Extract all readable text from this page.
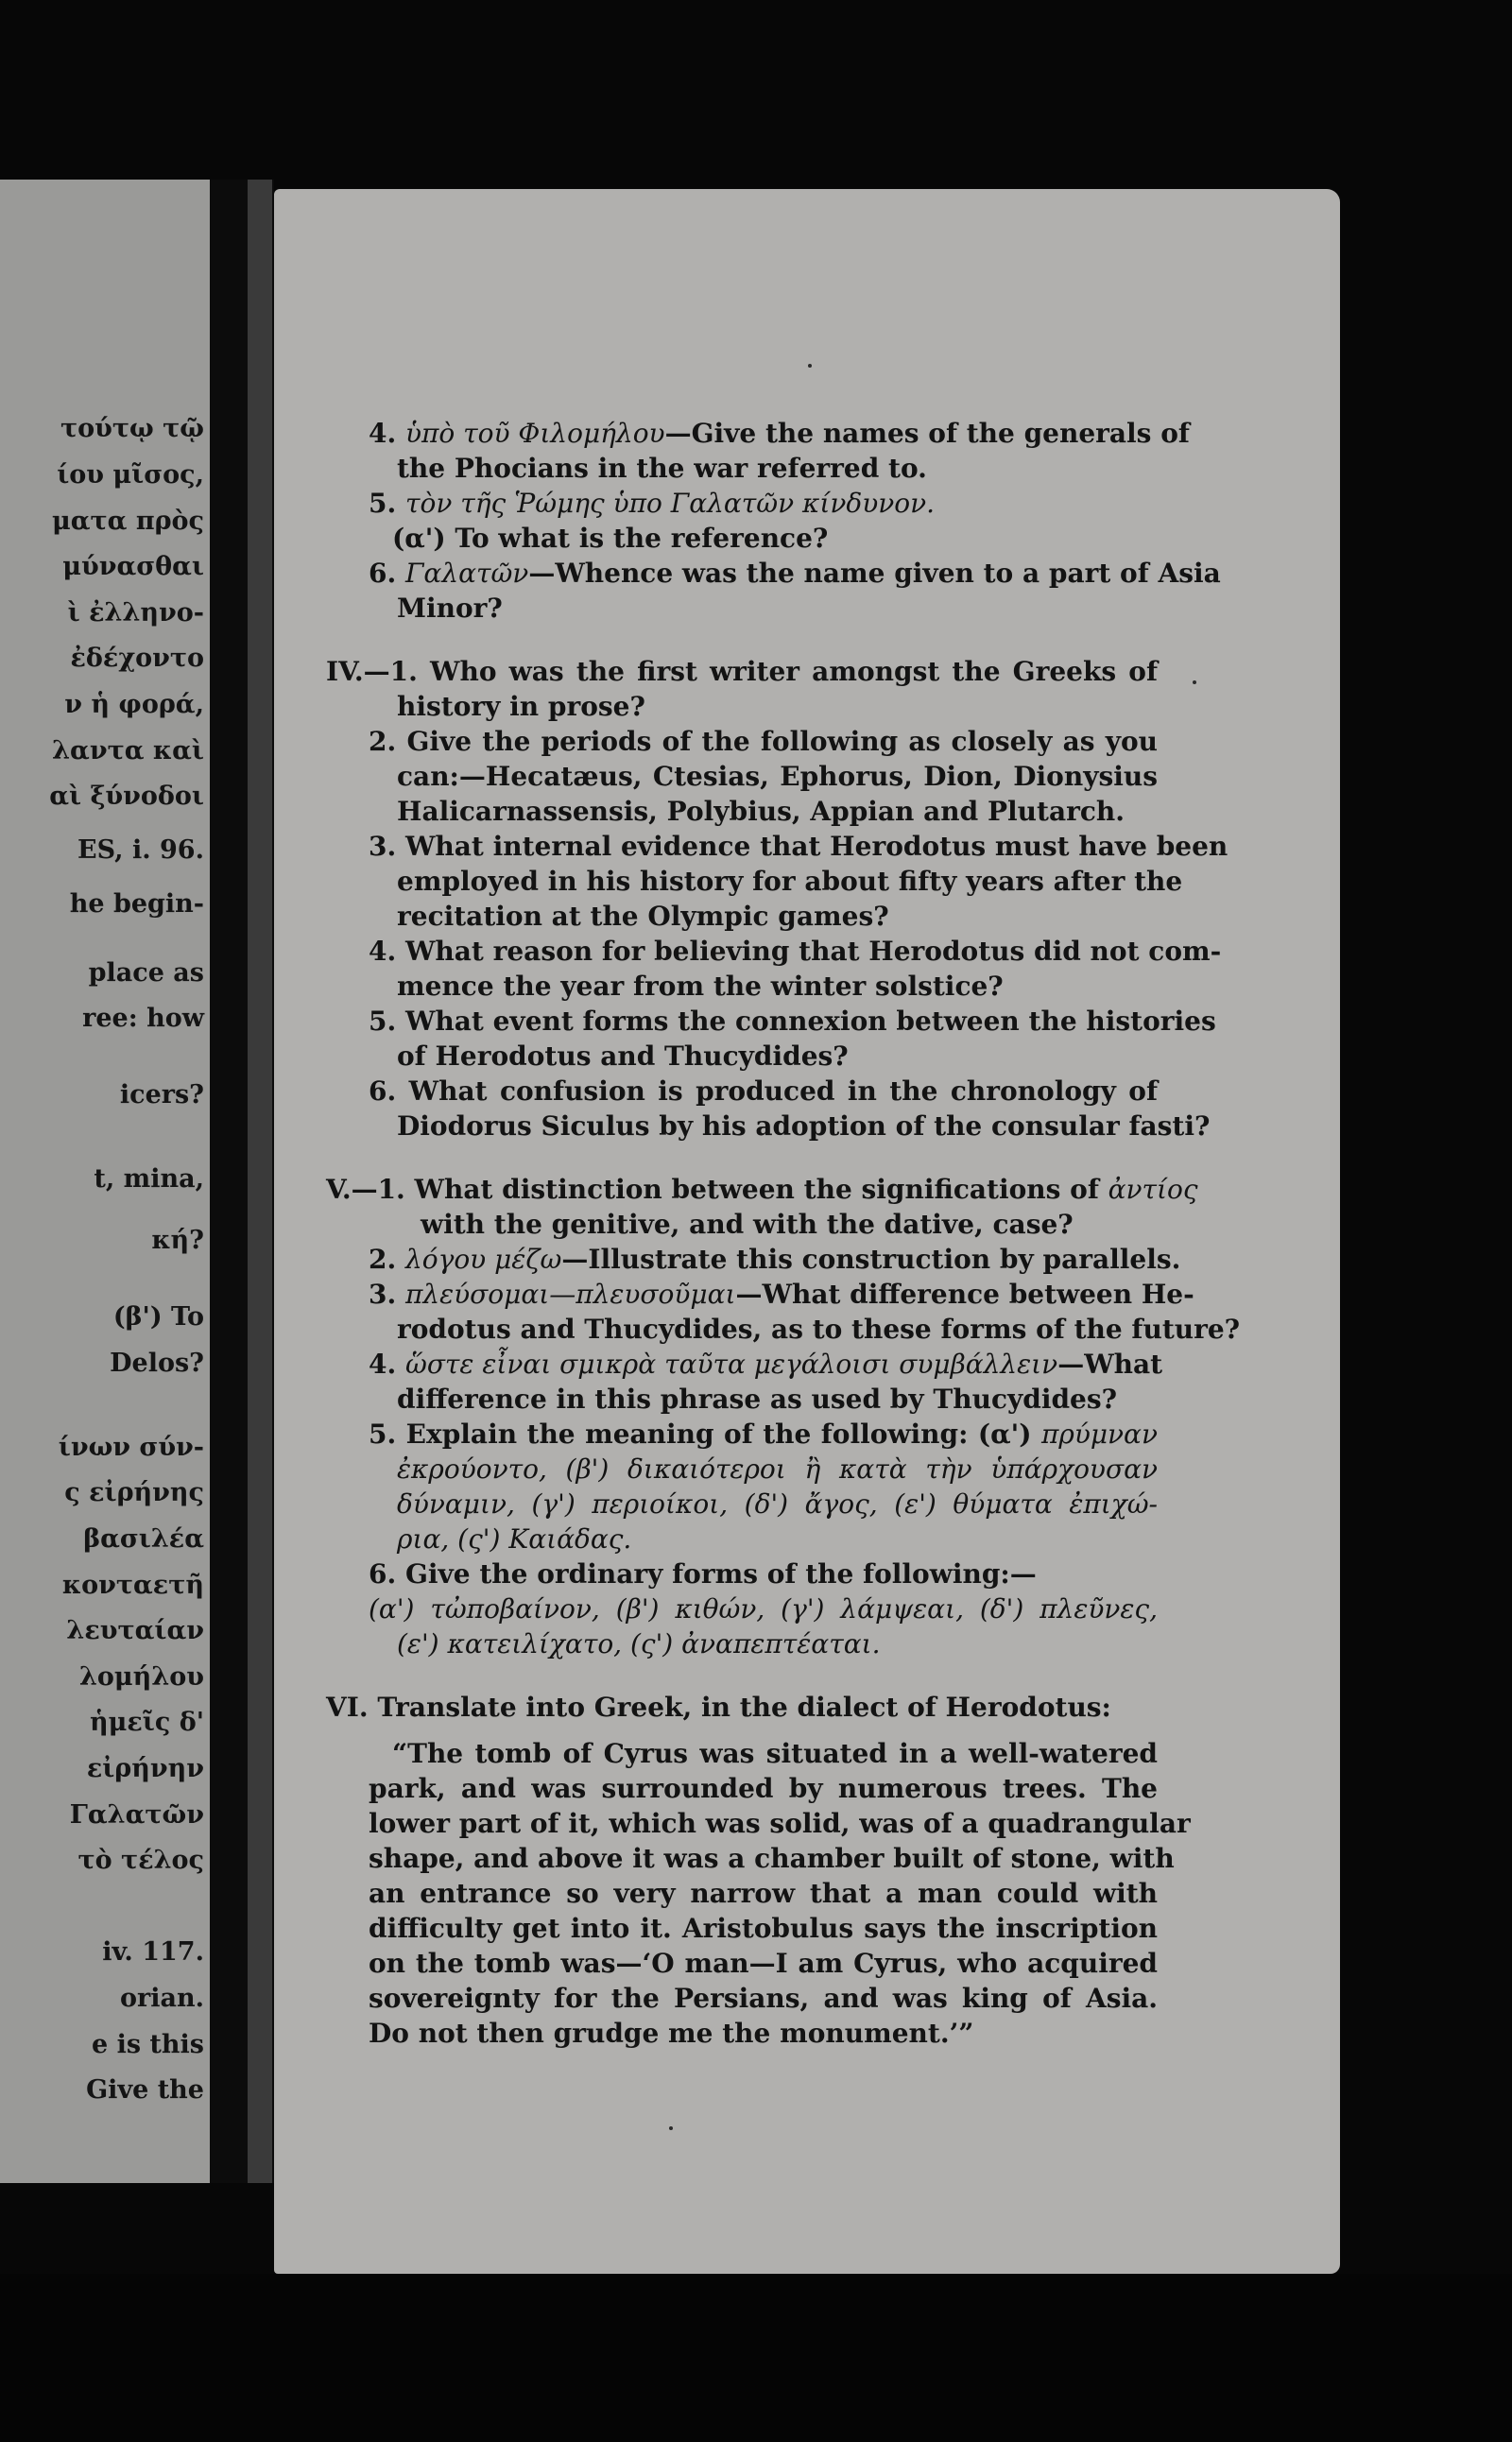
τούτῳ τῷ
ίου μῖσος,
ματα πρὸς
μύνασθαι
ὶ ἐλληνο-
ἐδέχοντο
ν ἡ φορά,
λαντα καὶ
αὶ ξύνοδοι
ES, i. 96.
he begin-
place as
ree: how
icers?
t, mina,
κή?
(β') To
Delos?
ίνων σύν-
ς εἰρήνης
βασιλέα
κονταετῆ
λευταίαν
λομήλου
ἡμεῖς δ'
εἰρήνην
Γαλατῶν
τὸ τέλος
iv. 117.
orian.
e is this
Give the
4. ὑπὸ τοῦ Φιλομήλου—Give the names of the generals of
the Phocians in the war referred to.
5. τὸν τῆς Ῥώμης ὑπο Γαλατῶν κίνδυνον.
(α') To what is the reference?
6. Γαλατῶν—Whence was the name given to a part of Asia
Minor?
IV.—1. Who was the first writer amongst the Greeks of
history in prose?
2. Give the periods of the following as closely as you
can:—Hecatæus, Ctesias, Ephorus, Dion, Dionysius
Halicarnassensis, Polybius, Appian and Plutarch.
3. What internal evidence that Herodotus must have been
employed in his history for about fifty years after the
recitation at the Olympic games?
4. What reason for believing that Herodotus did not com-
mence the year from the winter solstice?
5. What event forms the connexion between the histories
of Herodotus and Thucydides?
6. What confusion is produced in the chronology of
Diodorus Siculus by his adoption of the consular fasti?
V.—1. What distinction between the significations of ἀντίος
with the genitive, and with the dative, case?
2. λόγου μέζω—Illustrate this construction by parallels.
3. πλεύσομαι—πλευσοῦμαι—What difference between He-
rodotus and Thucydides, as to these forms of the future?
4. ὥστε εἶναι σμικρὰ ταῦτα μεγάλοισι συμβάλλειν—What
difference in this phrase as used by Thucydides?
5. Explain the meaning of the following: (α') πρύμναν
ἐκρούοντο, (β') δικαιότεροι ἢ κατὰ τὴν ὑπάρχουσαν
δύναμιν, (γ') περιοίκοι, (δ') ἄγος, (ε') θύματα ἐπιχώ-
ρια, (ς') Καιάδας.
6. Give the ordinary forms of the following:—
(α') τὠποβαίνον, (β') κιθών, (γ') λάμψεαι, (δ') πλεῦνες,
(ε') κατειλίχατο, (ς') ἀναπεπτέαται.
VI. Translate into Greek, in the dialect of Herodotus:
“The tomb of Cyrus was situated in a well-watered
park, and was surrounded by numerous trees. The
lower part of it, which was solid, was of a quadrangular
shape, and above it was a chamber built of stone, with
an entrance so very narrow that a man could with
difficulty get into it. Aristobulus says the inscription
on the tomb was—‘O man—I am Cyrus, who acquired
sovereignty for the Persians, and was king of Asia.
Do not then grudge me the monument.’”
